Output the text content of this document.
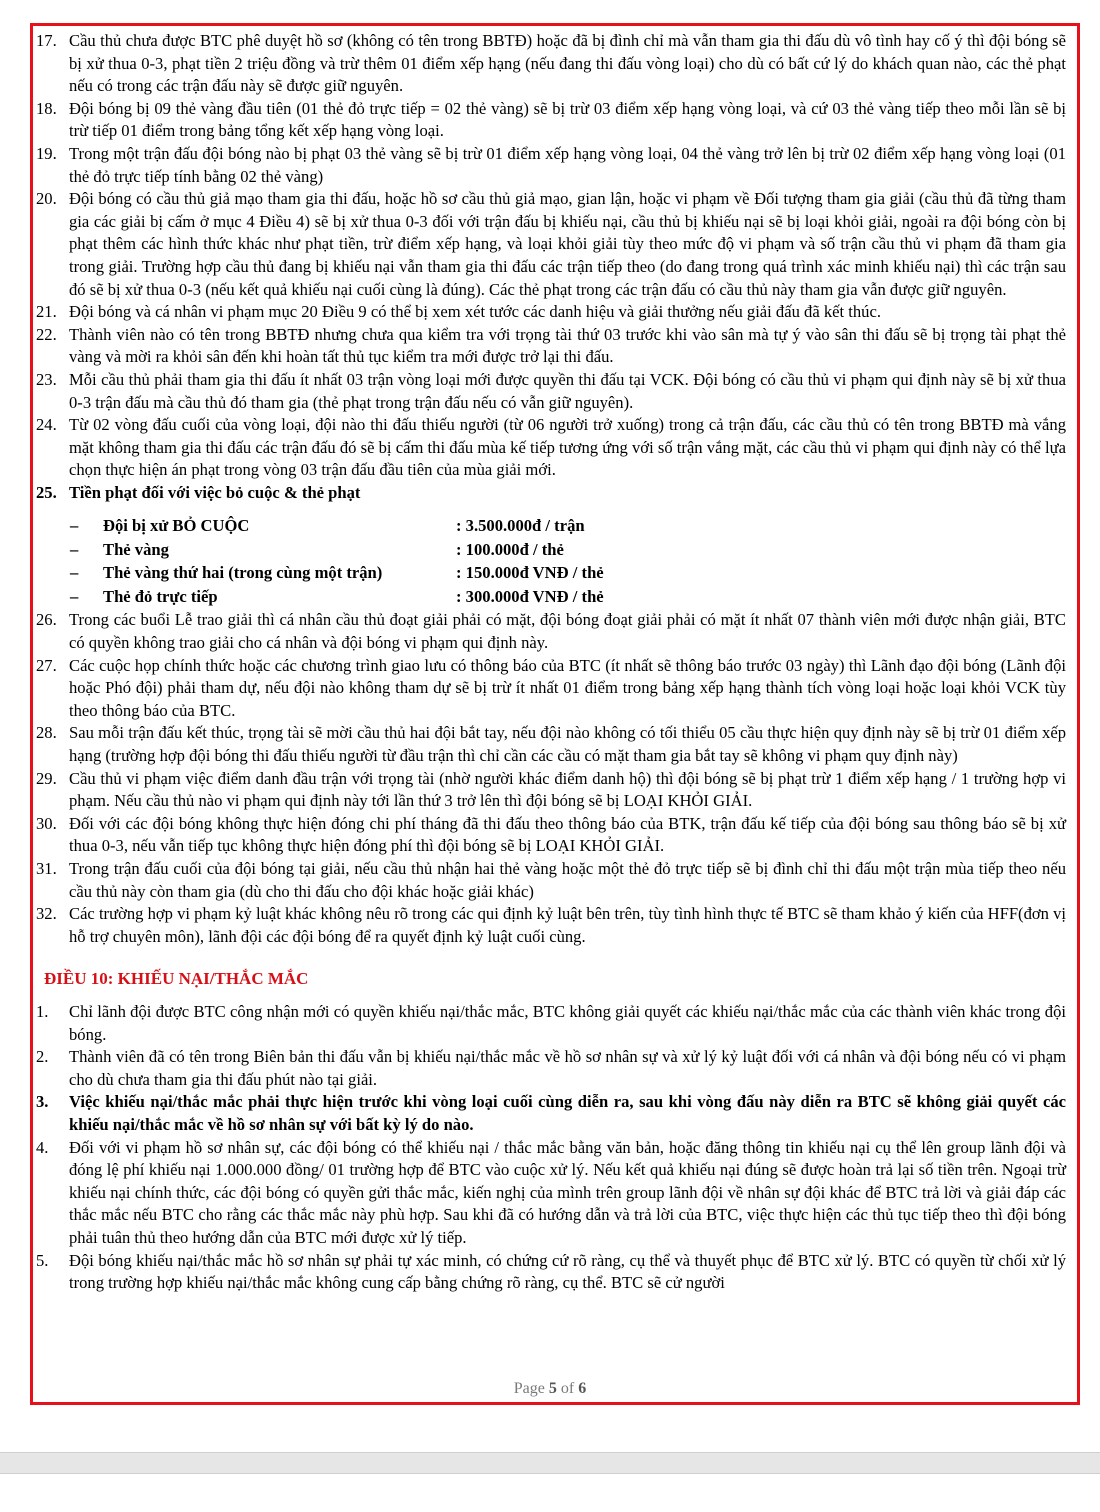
17. Cầu thủ chưa được BTC phê duyệt hồ sơ (không có tên trong BBTĐ) hoặc đã bị đình chỉ mà vẫn tham gia thi đấu dù vô tình hay cố ý thì đội bóng sẽ bị xử thua 0-3, phạt tiền 2 triệu đồng và trừ thêm 01 điểm xếp hạng (nếu đang thi đấu vòng loại) cho dù có bất cứ lý do khách quan nào, các thẻ phạt nếu có trong các trận đấu này sẽ được giữ nguyên.
18. Đội bóng bị 09 thẻ vàng đầu tiên (01 thẻ đỏ trực tiếp = 02 thẻ vàng) sẽ bị trừ 03 điểm xếp hạng vòng loại, và cứ 03 thẻ vàng tiếp theo mỗi lần sẽ bị trừ tiếp 01 điểm trong bảng tổng kết xếp hạng vòng loại.
19. Trong một trận đấu đội bóng nào bị phạt 03 thẻ vàng sẽ bị trừ 01 điểm xếp hạng vòng loại, 04 thẻ vàng trở lên bị trừ 02 điểm xếp hạng vòng loại (01 thẻ đỏ trực tiếp tính bằng 02 thẻ vàng)
20. Đội bóng có cầu thủ giả mạo tham gia thi đấu, hoặc hồ sơ cầu thủ giả mạo, gian lận, hoặc vi phạm về Đối tượng tham gia giải (cầu thủ đã từng tham gia các giải bị cấm ở mục 4 Điều 4) sẽ bị xử thua 0-3 đối với trận đấu bị khiếu nại, cầu thủ bị khiếu nại sẽ bị loại khỏi giải, ngoài ra đội bóng còn bị phạt thêm các hình thức khác như phạt tiền, trừ điểm xếp hạng, và loại khỏi giải tùy theo mức độ vi phạm và số trận cầu thủ vi phạm đã tham gia trong giải. Trường hợp cầu thủ đang bị khiếu nại vẫn tham gia thi đấu các trận tiếp theo (do đang trong quá trình xác minh khiếu nại) thì các trận sau đó sẽ bị xử thua 0-3 (nếu kết quả khiếu nại cuối cùng là đúng). Các thẻ phạt trong các trận đấu có cầu thủ này tham gia vẫn được giữ nguyên.
21. Đội bóng và cá nhân vi phạm mục 20 Điều 9 có thể bị xem xét tước các danh hiệu và giải thưởng nếu giải đấu đã kết thúc.
22. Thành viên nào có tên trong BBTĐ nhưng chưa qua kiểm tra với trọng tài thứ 03 trước khi vào sân mà tự ý vào sân thi đấu sẽ bị trọng tài phạt thẻ vàng và mời ra khỏi sân đến khi hoàn tất thủ tục kiểm tra mới được trở lại thi đấu.
23. Mỗi cầu thủ phải tham gia thi đấu ít nhất 03 trận vòng loại mới được quyền thi đấu tại VCK. Đội bóng có cầu thủ vi phạm qui định này sẽ bị xử thua 0-3 trận đấu mà cầu thủ đó tham gia (thẻ phạt trong trận đấu nếu có vẫn giữ nguyên).
24. Từ 02 vòng đấu cuối của vòng loại, đội nào thi đấu thiếu người (từ 06 người trở xuống) trong cả trận đấu, các cầu thủ có tên trong BBTĐ mà vắng mặt không tham gia thi đấu các trận đấu đó sẽ bị cấm thi đấu mùa kế tiếp tương ứng với số trận vắng mặt, các cầu thủ vi phạm qui định này có thể lựa chọn thực hiện án phạt trong vòng 03 trận đấu đầu tiên của mùa giải mới.
25. Tiền phạt đối với việc bỏ cuộc & thẻ phạt
– Đội bị xử BỎ CUỘC	: 3.500.000đ / trận
– Thẻ vàng	: 100.000đ / thẻ
– Thẻ vàng thứ hai (trong cùng một trận)	: 150.000đ VNĐ / thẻ
– Thẻ đỏ trực tiếp	: 300.000đ VNĐ / thẻ
26. Trong các buổi Lễ trao giải thì cá nhân cầu thủ đoạt giải phải có mặt, đội bóng đoạt giải phải có mặt ít nhất 07 thành viên mới được nhận giải, BTC có quyền không trao giải cho cá nhân và đội bóng vi phạm qui định này.
27. Các cuộc họp chính thức hoặc các chương trình giao lưu có thông báo của BTC (ít nhất sẽ thông báo trước 03 ngày) thì Lãnh đạo đội bóng (Lãnh đội hoặc Phó đội) phải tham dự, nếu đội nào không tham dự sẽ bị trừ ít nhất 01 điểm trong bảng xếp hạng thành tích vòng loại hoặc loại khỏi VCK tùy theo thông báo của BTC.
28. Sau mỗi trận đấu kết thúc, trọng tài sẽ mời cầu thủ hai đội bắt tay, nếu đội nào không có tối thiểu 05 cầu thực hiện quy định này sẽ bị trừ 01 điểm xếp hạng (trường hợp đội bóng thi đấu thiếu người từ đầu trận thì chỉ cần các cầu có mặt tham gia bắt tay sẽ không vi phạm quy định này)
29. Cầu thủ vi phạm việc điểm danh đầu trận với trọng tài (nhờ người khác điểm danh hộ) thì đội bóng sẽ bị phạt trừ 1 điểm xếp hạng / 1 trường hợp vi phạm. Nếu cầu thủ nào vi phạm qui định này tới lần thứ 3 trở lên thì đội bóng sẽ bị LOẠI KHỎI GIẢI.
30. Đối với các đội bóng không thực hiện đóng chi phí tháng đã thi đấu theo thông báo của BTK, trận đấu kế tiếp của đội bóng sau thông báo sẽ bị xử thua 0-3, nếu vẫn tiếp tục không thực hiện đóng phí thì đội bóng sẽ bị LOẠI KHỎI GIẢI.
31. Trong trận đấu cuối của đội bóng tại giải, nếu cầu thủ nhận hai thẻ vàng hoặc một thẻ đỏ trực tiếp sẽ bị đình chỉ thi đấu một trận mùa tiếp theo nếu cầu thủ này còn tham gia (dù cho thi đấu cho đội khác hoặc giải khác)
32. Các trường hợp vi phạm kỷ luật khác không nêu rõ trong các qui định kỷ luật bên trên, tùy tình hình thực tế BTC sẽ tham khảo ý kiến của HFF(đơn vị hỗ trợ chuyên môn), lãnh đội các đội bóng để ra quyết định kỷ luật cuối cùng.
ĐIỀU 10: KHIẾU NẠI/THẮC MẮC
1.	Chỉ lãnh đội được BTC công nhận mới có quyền khiếu nại/thắc mắc, BTC không giải quyết các khiếu nại/thắc mắc của các thành viên khác trong đội bóng.
2.	Thành viên đã có tên trong Biên bản thi đấu vẫn bị khiếu nại/thắc mắc về hồ sơ nhân sự và xử lý kỷ luật đối với cá nhân và đội bóng nếu có vi phạm cho dù chưa tham gia thi đấu phút nào tại giải.
3.	Việc khiếu nại/thắc mắc phải thực hiện trước khi vòng loại cuối cùng diễn ra, sau khi vòng đấu này diễn ra BTC sẽ không giải quyết các khiếu nại/thắc mắc về hồ sơ nhân sự với bất kỳ lý do nào.
4.	Đối với vi phạm hồ sơ nhân sự, các đội bóng có thể khiếu nại / thắc mắc bằng văn bản, hoặc đăng thông tin khiếu nại cụ thể lên group lãnh đội và đóng lệ phí khiếu nại 1.000.000 đồng/ 01 trường hợp để BTC vào cuộc xử lý. Nếu kết quả khiếu nại đúng sẽ được hoàn trả lại số tiền trên. Ngoại trừ khiếu nại chính thức, các đội bóng có quyền gửi thắc mắc, kiến nghị của mình trên group lãnh đội về nhân sự đội khác để BTC trả lời và giải đáp các thắc mắc nếu BTC cho rằng các thắc mắc này phù hợp. Sau khi đã có hướng dẫn và trả lời của BTC, việc thực hiện các thủ tục tiếp theo thì đội bóng phải tuân thủ theo hướng dẫn của BTC mới được xử lý tiếp.
5.	Đội bóng khiếu nại/thắc mắc hồ sơ nhân sự phải tự xác minh, có chứng cứ rõ ràng, cụ thể và thuyết phục để BTC xử lý. BTC có quyền từ chối xử lý trong trường hợp khiếu nại/thắc mắc không cung cấp bằng chứng rõ ràng, cụ thể. BTC sẽ cử người
Page 5 of 6
